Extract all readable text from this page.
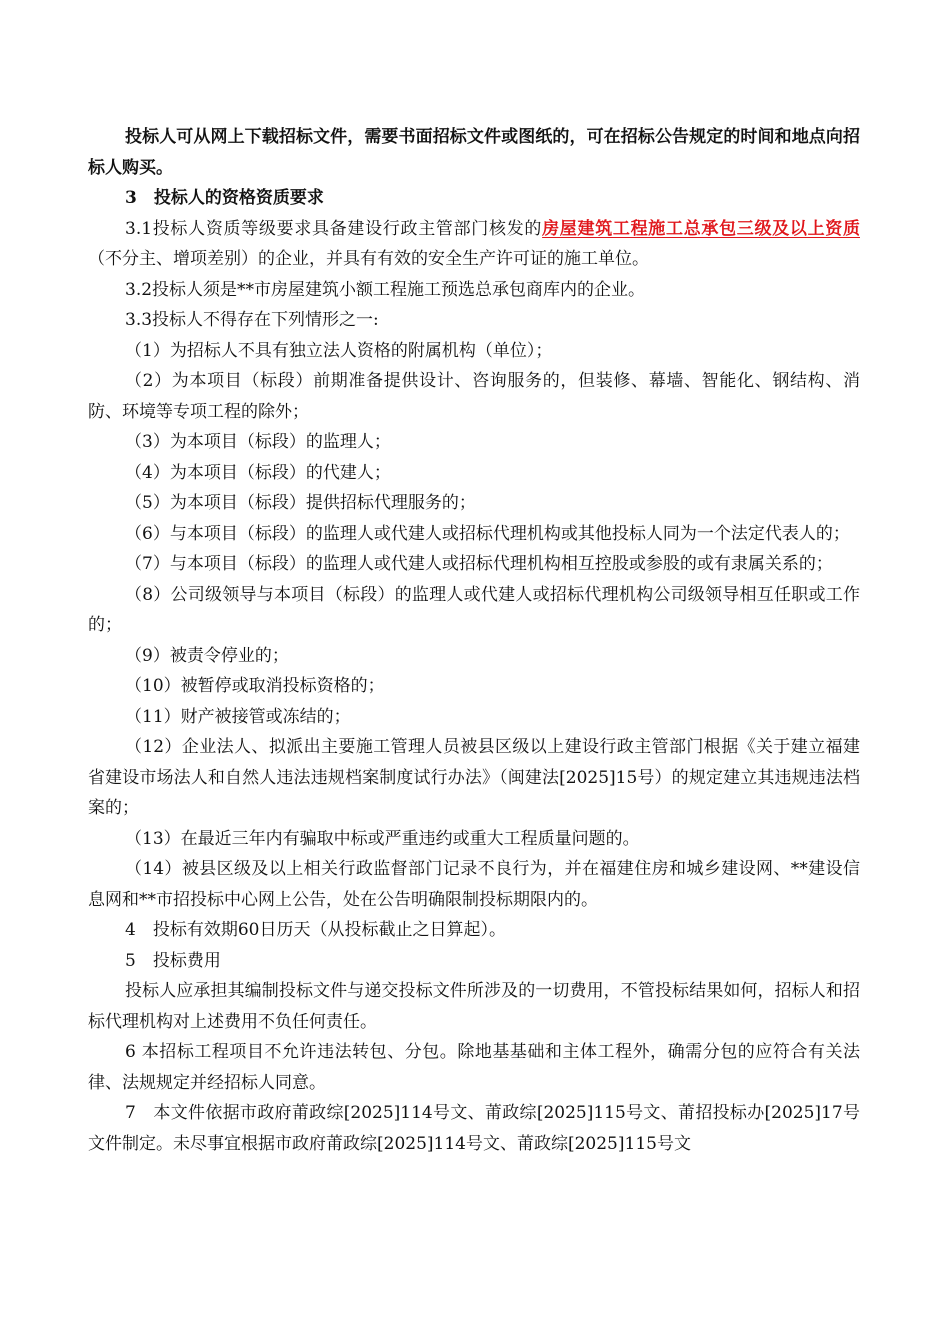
投标人可从网上下载招标文件，需要书面招标文件或图纸的，可在招标公告规定的时间和地点向招标人购买。

3　投标人的资格资质要求

3.1投标人资质等级要求具备建设行政主管部门核发的房屋建筑工程施工总承包三级及以上资质（不分主、增项差别）的企业，并具有有效的安全生产许可证的施工单位。

3.2投标人须是**市房屋建筑小额工程施工预选总承包商库内的企业。

3.3投标人不得存在下列情形之一:

（1）为招标人不具有独立法人资格的附属机构（单位）；

（2）为本项目（标段）前期准备提供设计、咨询服务的，但装修、幕墙、智能化、钢结构、消防、环境等专项工程的除外；

（3）为本项目（标段）的监理人；

（4）为本项目（标段）的代建人；

（5）为本项目（标段）提供招标代理服务的；

（6）与本项目（标段）的监理人或代建人或招标代理机构或其他投标人同为一个法定代表人的；

（7）与本项目（标段）的监理人或代建人或招标代理机构相互控股或参股的或有隶属关系的；

（8）公司级领导与本项目（标段）的监理人或代建人或招标代理机构公司级领导相互任职或工作的；

（9）被责令停业的；

（10）被暂停或取消投标资格的；

（11）财产被接管或冻结的；

（12）企业法人、拟派出主要施工管理人员被县区级以上建设行政主管部门根据《关于建立福建省建设市场法人和自然人违法违规档案制度试行办法》（闽建法[2025]15号）的规定建立其违规违法档案的；

（13）在最近三年内有骗取中标或严重违约或重大工程质量问题的。

（14）被县区级及以上相关行政监督部门记录不良行为，并在福建住房和城乡建设网、**建设信息网和**市招投标中心网上公告，处在公告明确限制投标期限内的。

4　投标有效期60日历天（从投标截止之日算起）。

5　投标费用

投标人应承担其编制投标文件与递交投标文件所涉及的一切费用，不管投标结果如何，招标人和招标代理机构对上述费用不负任何责任。

6 本招标工程项目不允许违法转包、分包。除地基基础和主体工程外，确需分包的应符合有关法律、法规规定并经招标人同意。

7　本文件依据市政府莆政综[2025]114号文、莆政综[2025]115号文、莆招投标办[2025]17号文件制定。未尽事宜根据市政府莆政综[2025]114号文、莆政综[2025]115号文
